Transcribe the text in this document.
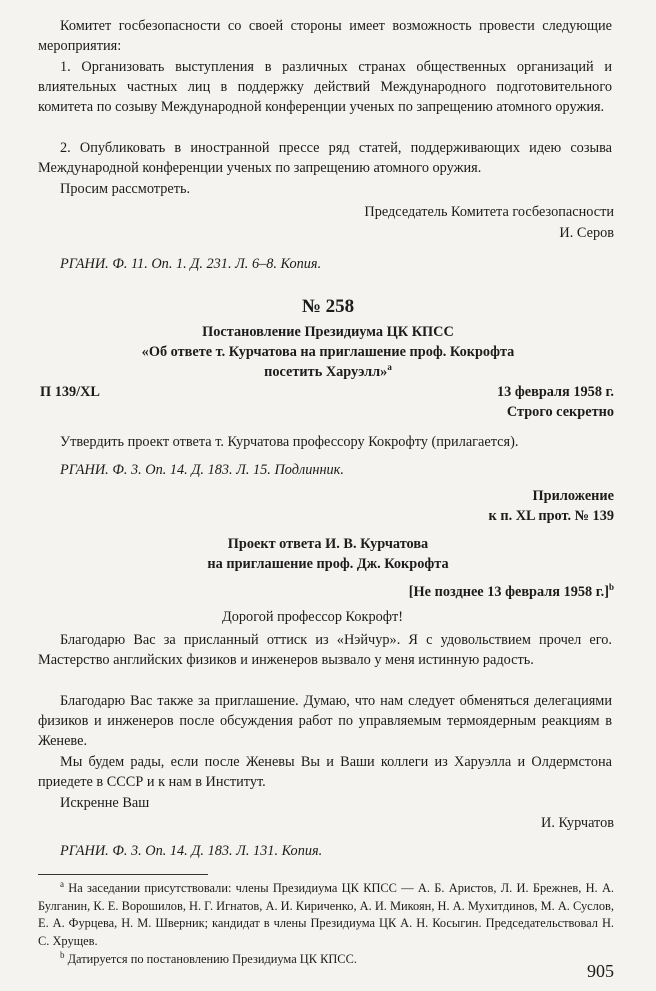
Комитет госбезопасности со своей стороны имеет возможность провести следующие мероприятия:
1. Организовать выступления в различных странах общественных организаций и влиятельных частных лиц в поддержку действий Международного подготовительного комитета по созыву Международной конференции ученых по запрещению атомного оружия.
2. Опубликовать в иностранной прессе ряд статей, поддерживающих идею созыва Международной конференции ученых по запрещению атомного оружия.
Просим рассмотреть.
Председатель Комитета госбезопасности
И. Серов
РГАНИ. Ф. 11. Оп. 1. Д. 231. Л. 6–8. Копия.
№ 258
Постановление Президиума ЦК КПСС
«Об ответе т. Курчатова на приглашение проф. Кокрофта
посетить Харуэлл»$^а$
П 139/XL	13 февраля 1958 г.
Строго секретно
Утвердить проект ответа т. Курчатова профессору Кокрофту (прилагается).
РГАНИ. Ф. 3. Оп. 14. Д. 183. Л. 15. Подлинник.
Приложение
к п. XL прот. № 139
Проект ответа И. В. Курчатова
на приглашение проф. Дж. Кокрофта
[Не позднее 13 февраля 1958 г.]$^b$
Дорогой профессор Кокрофт!
Благодарю Вас за присланный оттиск из «Нэйчур». Я с удовольствием прочел его. Мастерство английских физиков и инженеров вызвало у меня истинную радость.
Благодарю Вас также за приглашение. Думаю, что нам следует обменяться делегациями физиков и инженеров после обсуждения работ по управляемым термоядерным реакциям в Женеве.
Мы будем рады, если после Женевы Вы и Ваши коллеги из Харуэлла и Олдермстона приедете в СССР и к нам в Институт.
Искренне Ваш
И. Курчатов
РГАНИ. Ф. 3. Оп. 14. Д. 183. Л. 131. Копия.
$^a$ На заседании присутствовали: члены Президиума ЦК КПСС — А. Б. Аристов, Л. И. Брежнев, Н. А. Булганин, К. Е. Ворошилов, Н. Г. Игнатов, А. И. Кириченко, А. И. Микоян, Н. А. Мухитдинов, М. А. Суслов, Е. А. Фурцева, Н. М. Шверник; кандидат в члены Президиума ЦК А. Н. Косыгин. Председательствовал Н. С. Хрущев.
$^b$ Датируется по постановлению Президиума ЦК КПСС.
905
